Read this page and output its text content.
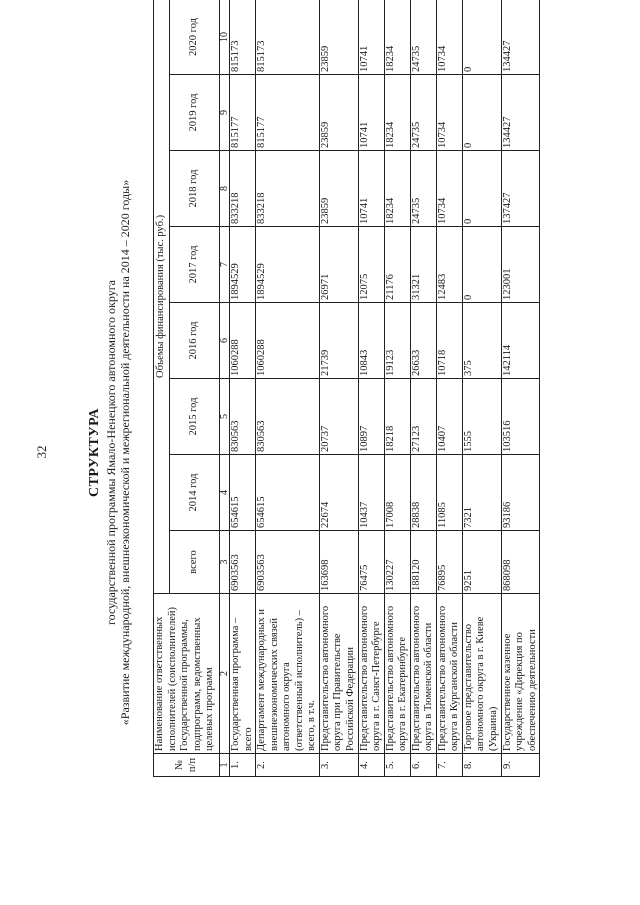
32	СТРУКТУРА государственной программы Ямало-Ненецкого автономного округа «Развитие международной, внешнеэкономической и межрегиональной деятельности на 2014 – 2020 годы»
№ п/п	Наименование ответственных исполнителей (соисполнителей) Государственной программы, подпрограмм, ведомственных целевых программ	Объемы финансирования (тыс. руб.)							
		всего	2014 год	2015 год	2016 год	2017 год	2018 год	2019 год	2020 год
1	2	3	4	5	6	7	8	9	10
1.	Государственная программа – всего	6903563	654615	830563	1060288	1894529	833218	815177	815173
2.	Департамент международных и внешнеэкономических связей автономного округа (ответственный исполнитель) – всего, в т.ч.	6903563	654615	830563	1060288	1894529	833218	815177	815173
3.	Представительство автономного округа при Правительстве Российской Федерации	163698	22674	20737	21739	26971	23859	23859	23859
4.	Представительство автономного округа в г. Санкт-Петербурге	76475	10437	10897	10843	12075	10741	10741	10741
5.	Представительство автономного округа в г. Екатеринбурге	130227	17008	18218	19123	21176	18234	18234	18234
6.	Представительство автономного округа в Тюменской области	188120	28838	27123	26633	31321	24735	24735	24735
7.	Представительство автономного округа в Курганской области	76895	11085	10407	10718	12483	10734	10734	10734
8.	Торговое представительство автономного округа в г. Киеве (Украина)	9251	7321	1555	375	0	0	0	0
9.	Государственное казенное учреждение «Дирекция по обеспечению деятельности	868098	93186	103516	142114	123001	137427	134427	134427
